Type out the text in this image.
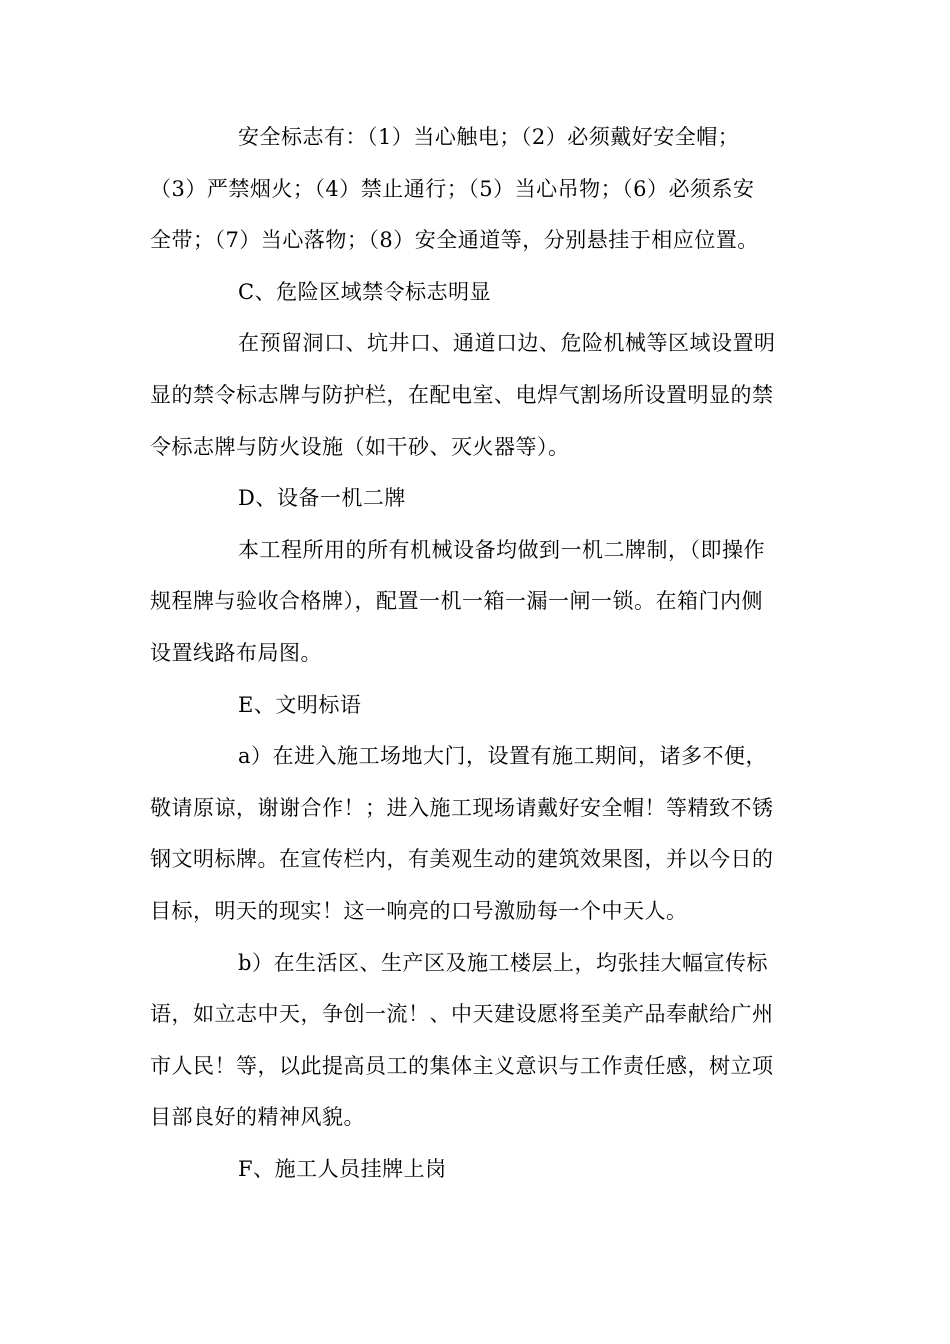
安全标志有：（1）当心触电；（2）必须戴好安全帽；
（3）严禁烟火；（4）禁止通行；（5）当心吊物；（6）必须系安
全带；（7）当心落物；（8）安全通道等，分别悬挂于相应位置。

C、危险区域禁令标志明显

在预留洞口、坑井口、通道口边、危险机械等区域设置明
显的禁令标志牌与防护栏，在配电室、电焊气割场所设置明显的禁
令标志牌与防火设施（如干砂、灭火器等）。

D、设备一机二牌

本工程所用的所有机械设备均做到一机二牌制，（即操作
规程牌与验收合格牌），配置一机一箱一漏一闸一锁。在箱门内侧
设置线路布局图。

E、文明标语

a）在进入施工场地大门，设置有施工期间，诸多不便，
敬请原谅，谢谢合作！；进入施工现场请戴好安全帽！等精致不锈
钢文明标牌。在宣传栏内，有美观生动的建筑效果图，并以今日的
目标，明天的现实！这一响亮的口号激励每一个中天人。

b）在生活区、生产区及施工楼层上，均张挂大幅宣传标
语，如立志中天，争创一流！、中天建设愿将至美产品奉献给广州
市人民！等，以此提高员工的集体主义意识与工作责任感，树立项
目部良好的精神风貌。

F、施工人员挂牌上岗
